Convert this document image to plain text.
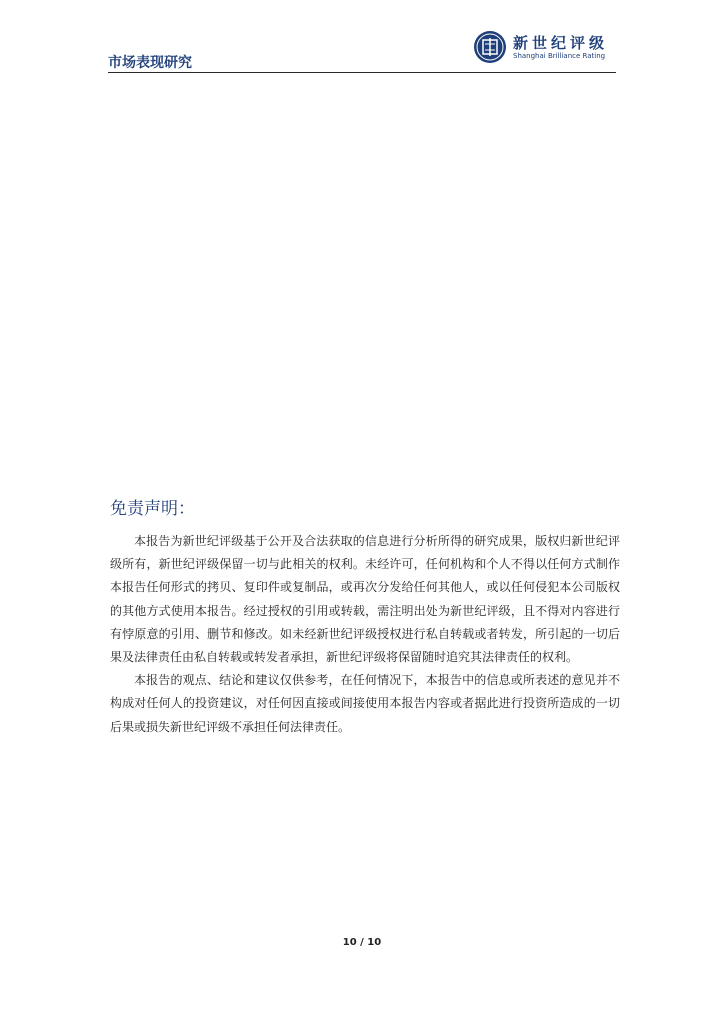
市场表现研究
新世纪评级
Shanghai Brilliance Rating
免责声明：

本报告为新世纪评级基于公开及合法获取的信息进行分析所得的研究成果，版权归新世纪评级所有，新世纪评级保留一切与此相关的权利。未经许可，任何机构和个人不得以任何方式制作本报告任何形式的拷贝、复印件或复制品，或再次分发给任何其他人，或以任何侵犯本公司版权的其他方式使用本报告。经过授权的引用或转载，需注明出处为新世纪评级，且不得对内容进行有悖原意的引用、删节和修改。如未经新世纪评级授权进行私自转载或者转发，所引起的一切后果及法律责任由私自转载或转发者承担，新世纪评级将保留随时追究其法律责任的权利。

本报告的观点、结论和建议仅供参考，在任何情况下，本报告中的信息或所表述的意见并不构成对任何人的投资建议，对任何因直接或间接使用本报告内容或者据此进行投资所造成的一切后果或损失新世纪评级不承担任何法律责任。

10 / 10
